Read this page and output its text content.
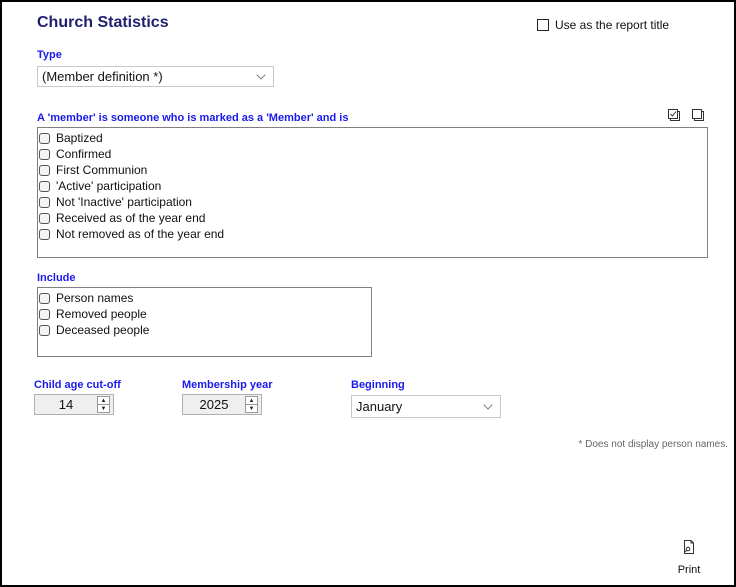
Church Statistics	Use as the report title
Type
(Member definition *)
A 'member' is someone who is marked as a 'Member' and is
Baptized
Confirmed
First Communion
'Active' participation
Not 'Inactive' participation
Received as of the year end
Not removed as of the year end
Include
Person names
Removed people
Deceased people
Child age cut-off
14	▲
▼
Membership year
2025	▲
▼
Beginning
January
* Does not display person names.
Print
